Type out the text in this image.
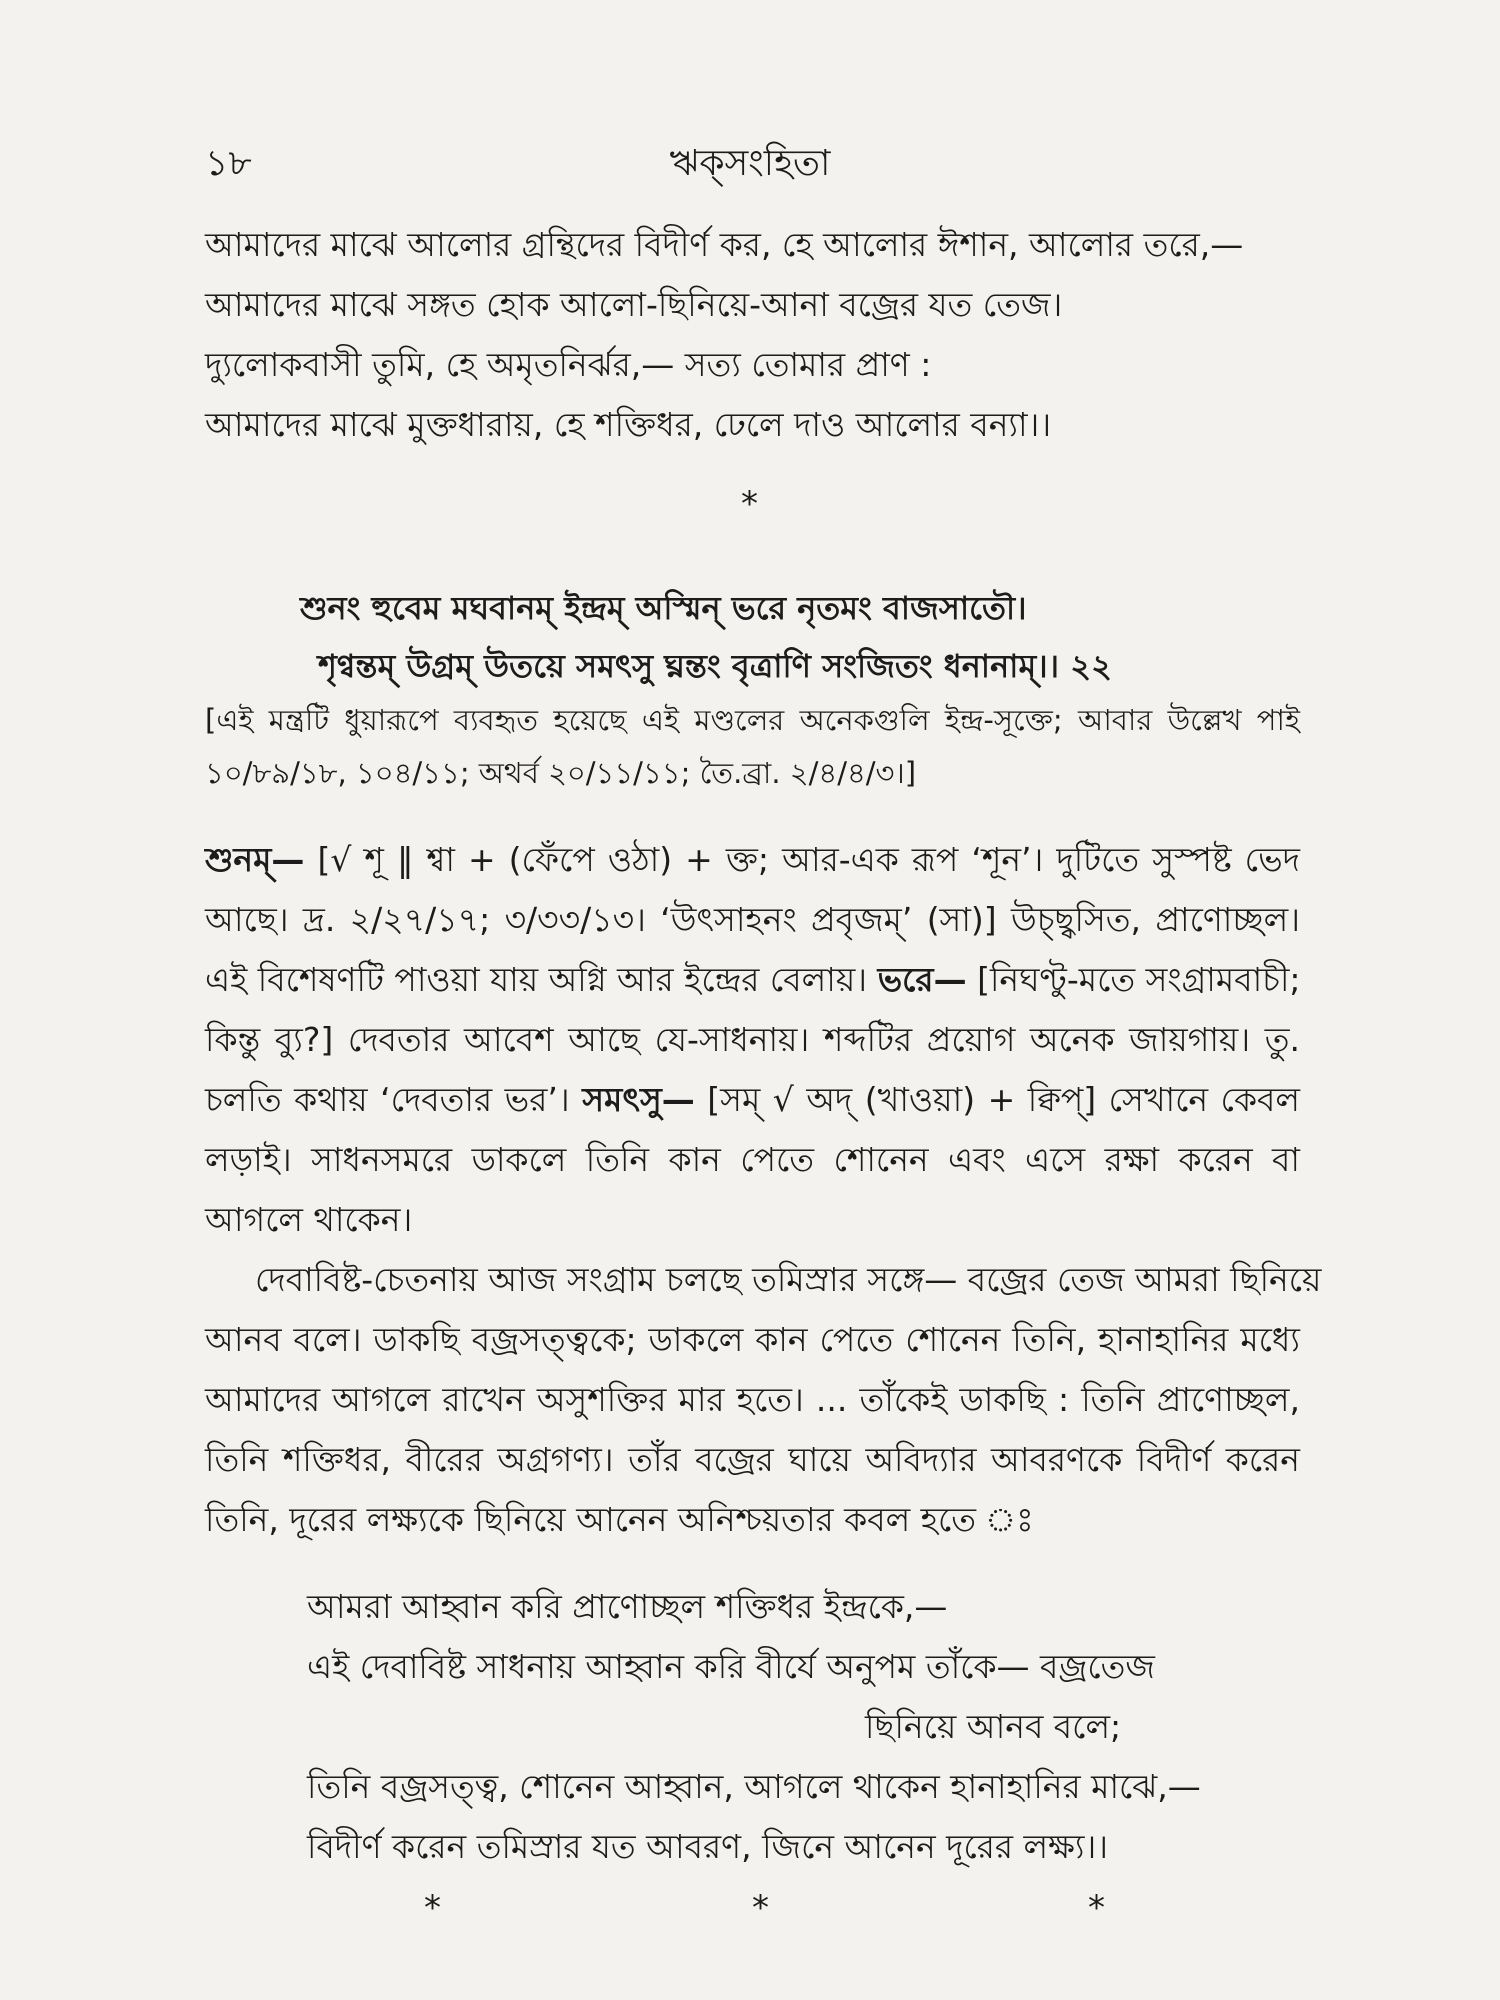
১৮	ঋক্‌সংহিতা
আমাদের মাঝে আলোর গ্রন্থিদের বিদীর্ণ কর, হে আলোর ঈশান, আলোর তরে,—
আমাদের মাঝে সঙ্গত হোক আলো-ছিনিয়ে-আনা বজ্রের যত তেজ।
দ্যুলোকবাসী তুমি, হে অমৃতনির্ঝর,— সত্য তোমার প্রাণ :
আমাদের মাঝে মুক্তধারায়, হে শক্তিধর, ঢেলে দাও আলোর বন্যা।।
*
শুনং হুবেম মঘবানম্‌ ইন্দ্রম্‌ অস্মিন্‌ ভরে নৃতমং বাজসাতৌ।
শৃণ্বন্তম্‌ উগ্রম্‌ উতয়ে সমৎসু ঘ্নন্তং বৃত্রাণি সংজিতং ধনানাম্‌।। ২২
[এই মন্ত্রটি ধুয়ারূপে ব্যবহৃত হয়েছে এই মণ্ডলের অনেকগুলি ইন্দ্র-সূক্তে; আবার উল্লেখ পাই
১০/৮৯/১৮, ১০৪/১১; অথর্ব ২০/১১/১১; তৈ.ব্রা. ২/৪/৪/৩।]
শুনম্‌— [√ শূ ‖ শ্বা + (ফেঁপে ওঠা) + ক্ত; আর-এক রূপ ‘শূন’। দুটিতে সুস্পষ্ট ভেদ
আছে। দ্র. ২/২৭/১৭; ৩/৩৩/১৩। ‘উৎসাহনং প্রবৃজম্‌’ (সা)] উচ্ছ্বসিত, প্রাণোচ্ছল।
এই বিশেষণটি পাওয়া যায় অগ্নি আর ইন্দ্রের বেলায়। ভরে— [নিঘণ্টু-মতে সংগ্রামবাচী;
কিন্তু ব্যু?] দেবতার আবেশ আছে যে-সাধনায়। শব্দটির প্রয়োগ অনেক জায়গায়। তু.
চলতি কথায় ‘দেবতার ভর’। সমৎসু— [সম্‌ √ অদ্‌ (খাওয়া) + ক্বিপ্‌] সেখানে কেবল
লড়াই। সাধনসমরে ডাকলে তিনি কান পেতে শোনেন এবং এসে রক্ষা করেন বা
আগলে থাকেন।
দেবাবিষ্ট-চেতনায় আজ সংগ্রাম চলছে তমিস্রার সঙ্গে— বজ্রের তেজ আমরা ছিনিয়ে
আনব বলে। ডাকছি বজ্রসত্ত্বকে; ডাকলে কান পেতে শোনেন তিনি, হানাহানির মধ্যে
আমাদের আগলে রাখেন অসুশক্তির মার হতে। ... তাঁকেই ডাকছি : তিনি প্রাণোচ্ছল,
তিনি শক্তিধর, বীরের অগ্রগণ্য। তাঁর বজ্রের ঘায়ে অবিদ্যার আবরণকে বিদীর্ণ করেন
তিনি, দূরের লক্ষ্যকে ছিনিয়ে আনেন অনিশ্চয়তার কবল হতে ঃ
আমরা আহ্বান করি প্রাণোচ্ছল শক্তিধর ইন্দ্রকে,—
এই দেবাবিষ্ট সাধনায় আহ্বান করি বীর্যে অনুপম তাঁকে— বজ্রতেজ
ছিনিয়ে আনব বলে;
তিনি বজ্রসত্ত্ব, শোনেন আহ্বান, আগলে থাকেন হানাহানির মাঝে,—
বিদীর্ণ করেন তমিস্রার যত আবরণ, জিনে আনেন দূরের লক্ষ্য।।
*	*	*
